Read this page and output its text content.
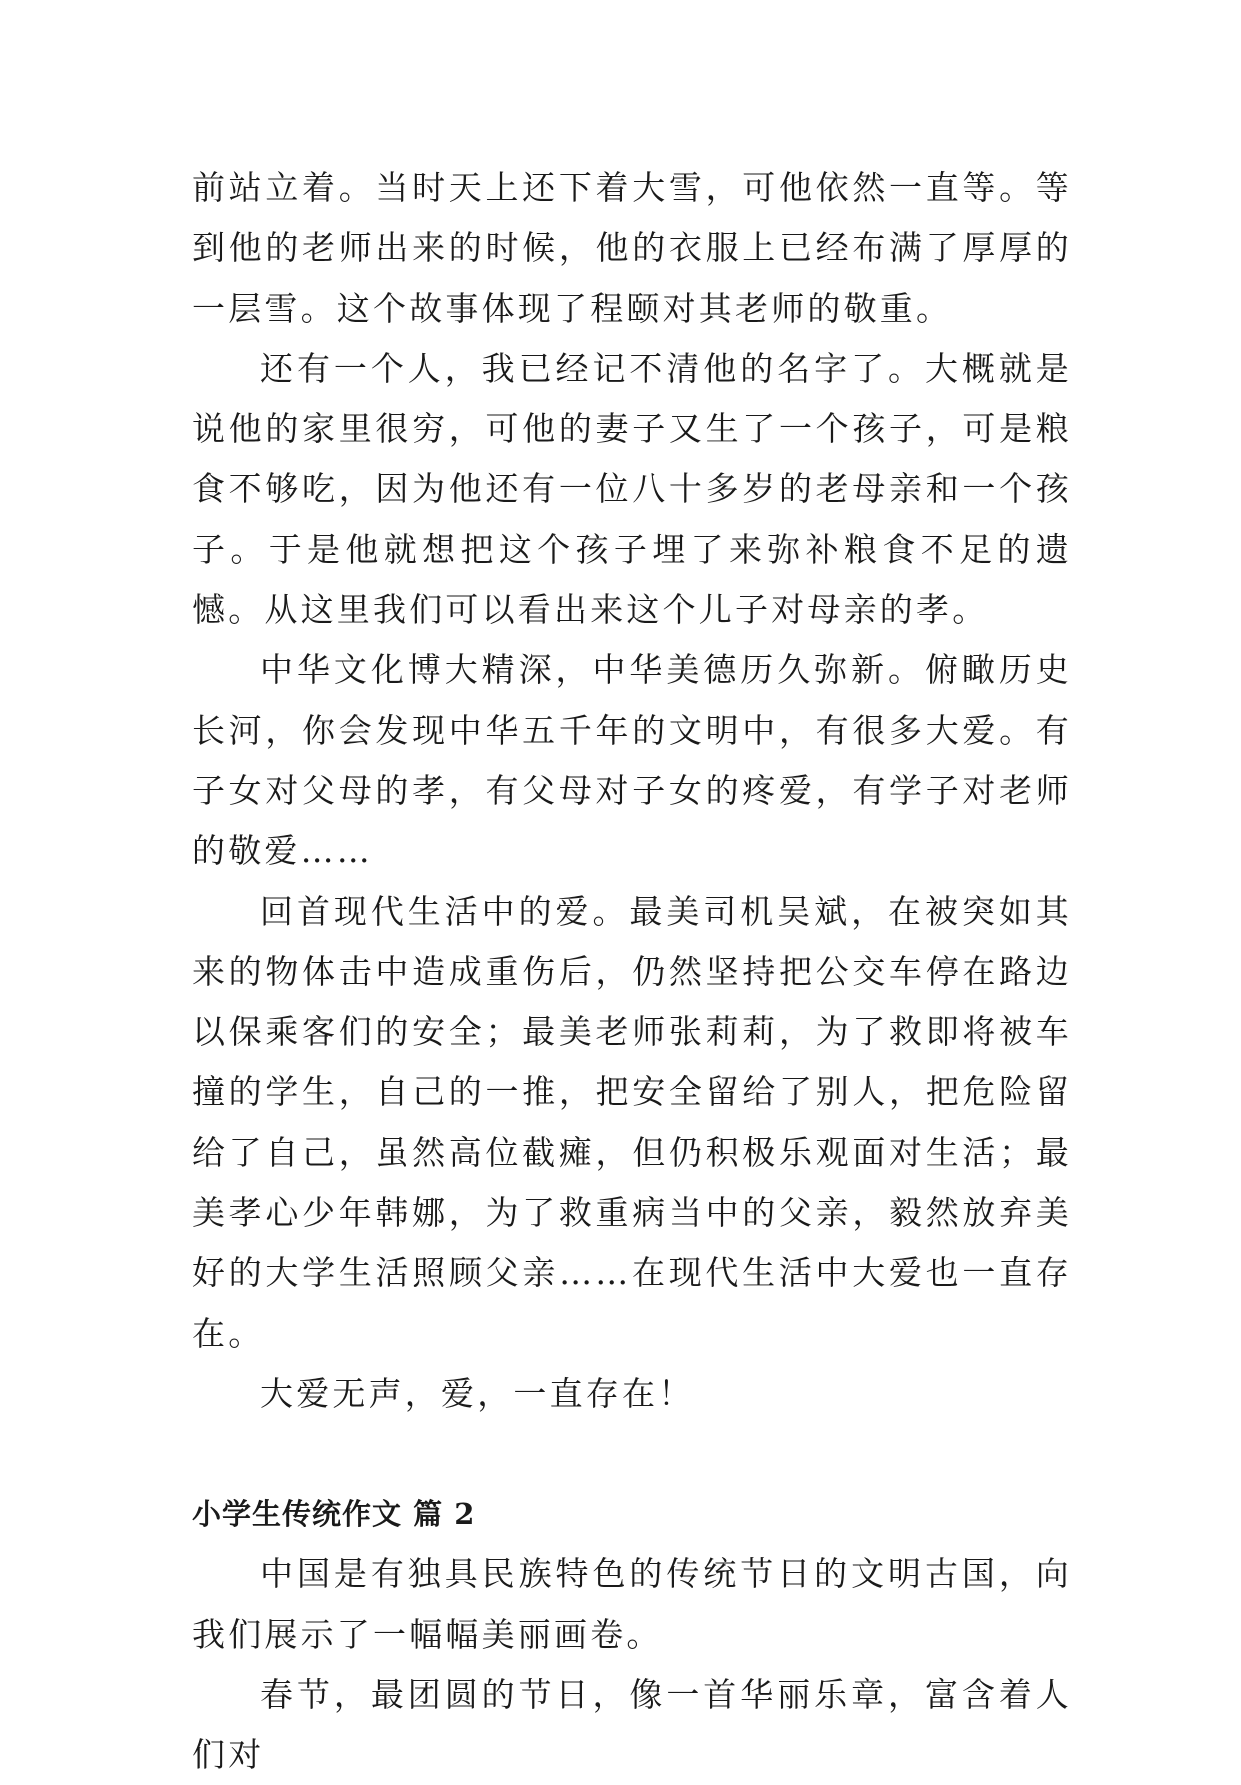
前站立着。当时天上还下着大雪，可他依然一直等。等到他的老师出来的时候，他的衣服上已经布满了厚厚的一层雪。这个故事体现了程颐对其老师的敬重。

还有一个人，我已经记不清他的名字了。大概就是说他的家里很穷，可他的妻子又生了一个孩子，可是粮食不够吃，因为他还有一位八十多岁的老母亲和一个孩子。于是他就想把这个孩子埋了来弥补粮食不足的遗憾。从这里我们可以看出来这个儿子对母亲的孝。

中华文化博大精深，中华美德历久弥新。俯瞰历史长河，你会发现中华五千年的文明中，有很多大爱。有子女对父母的孝，有父母对子女的疼爱，有学子对老师的敬爱……

回首现代生活中的爱。最美司机吴斌，在被突如其来的物体击中造成重伤后，仍然坚持把公交车停在路边以保乘客们的安全；最美老师张莉莉，为了救即将被车撞的学生，自己的一推，把安全留给了别人，把危险留给了自己，虽然高位截瘫，但仍积极乐观面对生活；最美孝心少年韩娜，为了救重病当中的父亲，毅然放弃美好的大学生活照顾父亲……在现代生活中大爱也一直存在。

大爱无声，爱，一直存在！

小学生传统作文 篇 2

中国是有独具民族特色的传统节日的文明古国，向我们展示了一幅幅美丽画卷。

春节，最团圆的节日，像一首华丽乐章，富含着人们对
